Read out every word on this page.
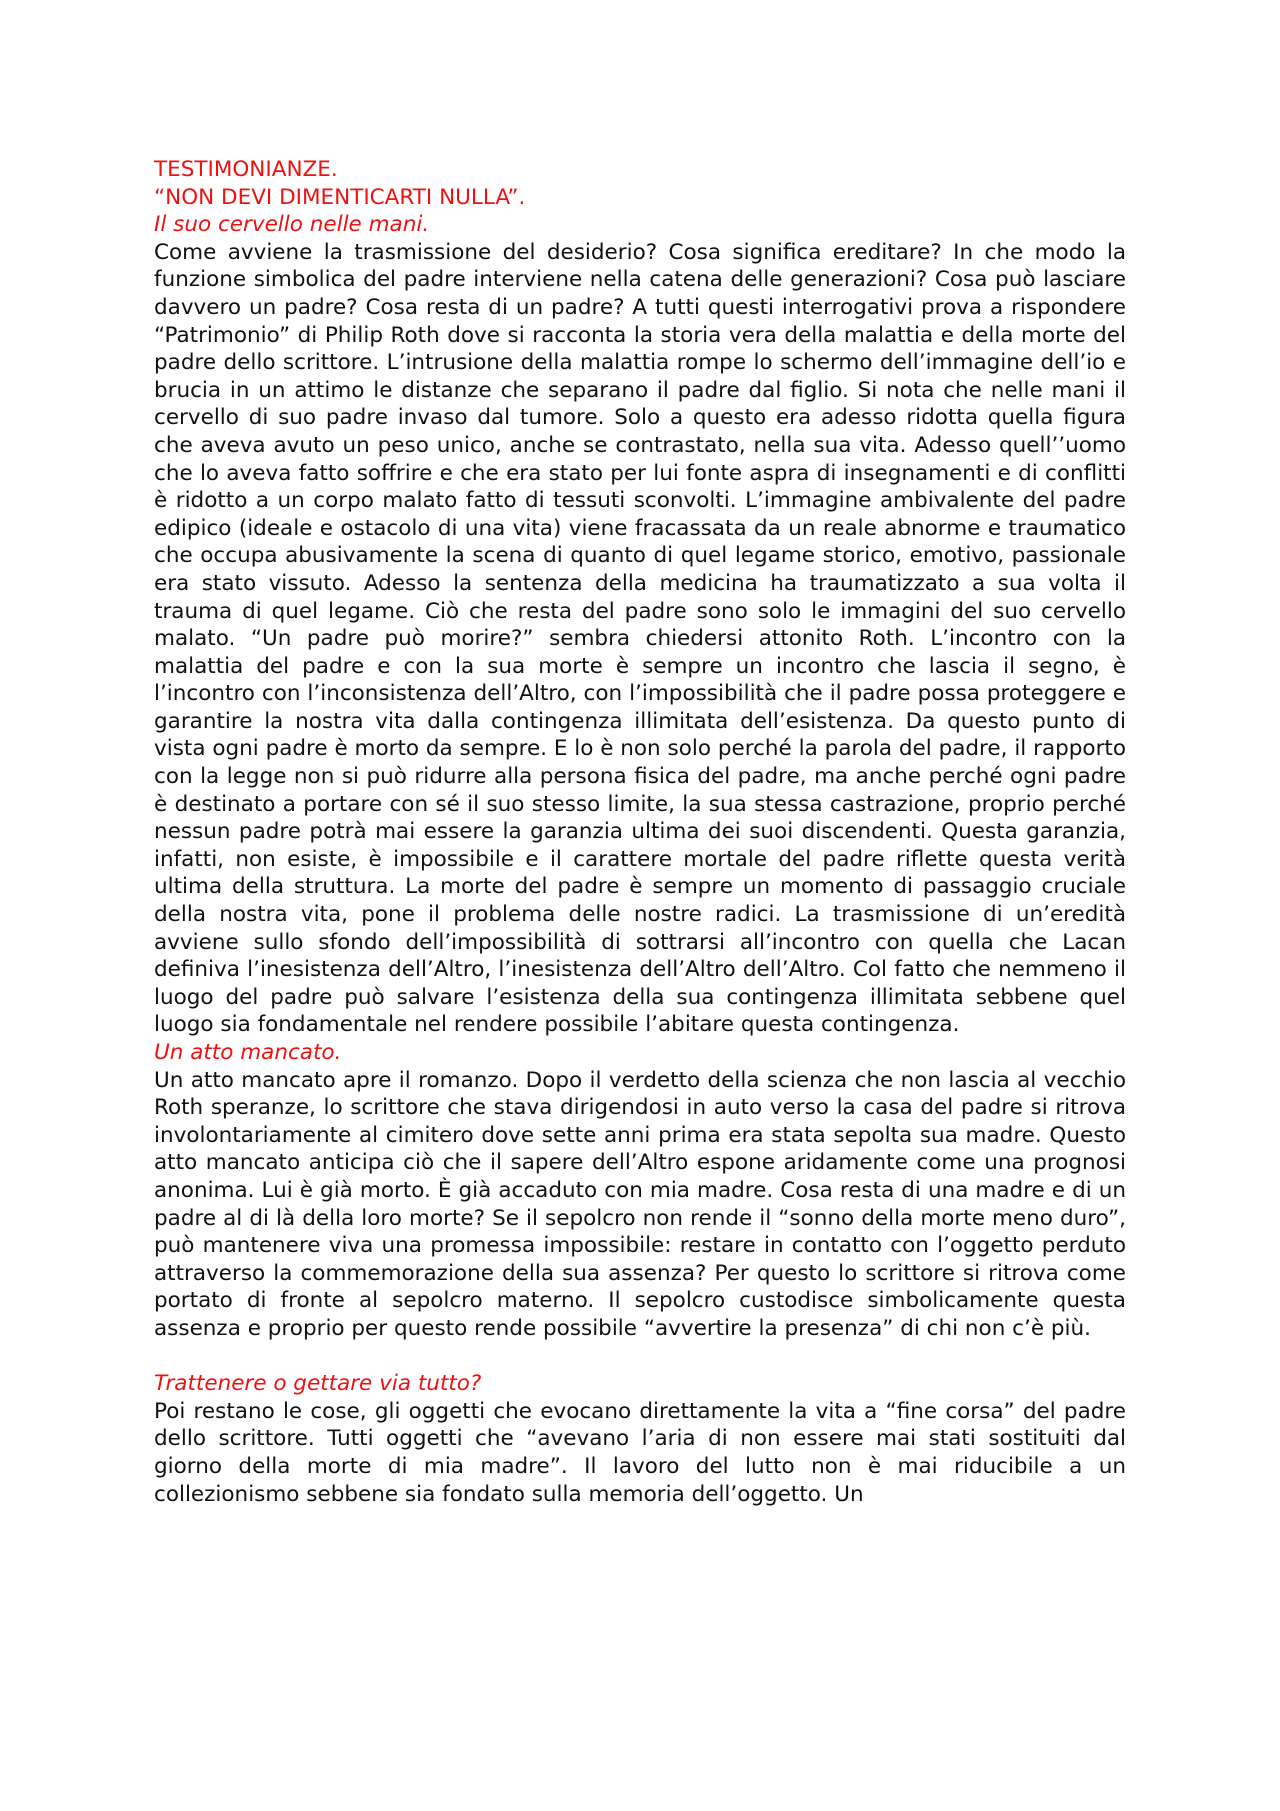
TESTIMONIANZE.

“NON DEVI DIMENTICARTI NULLA”.

Il suo cervello nelle mani.

Come avviene la trasmissione del desiderio? Cosa significa ereditare? In che modo la funzione simbolica del padre interviene nella catena delle generazioni? Cosa può lasciare davvero un padre? Cosa resta di un padre? A tutti questi interrogativi prova a rispondere “Patrimonio” di Philip Roth dove si racconta la storia vera della malattia e della morte del padre dello scrittore. L’intrusione della malattia rompe lo schermo dell’immagine dell’io e brucia in un attimo le distanze che separano il padre dal figlio. Si nota che nelle mani il cervello di suo padre invaso dal tumore. Solo a questo era adesso ridotta quella figura che aveva avuto un peso unico, anche se contrastato, nella sua vita. Adesso quell’’uomo che lo aveva fatto soffrire e che era stato per lui fonte aspra di insegnamenti e di conflitti è ridotto a un corpo malato fatto di tessuti sconvolti. L’immagine ambivalente del padre edipico (ideale e ostacolo di una vita) viene fracassata da un reale abnorme e traumatico che occupa abusivamente la scena di quanto di quel legame storico, emotivo, passionale era stato vissuto. Adesso la sentenza della medicina ha traumatizzato a sua volta il trauma di quel legame. Ciò che resta del padre sono solo le immagini del suo cervello malato. “Un padre può morire?” sembra chiedersi attonito Roth. L’incontro con la malattia del padre e con la sua morte è sempre un incontro che lascia il segno, è l’incontro con l’inconsistenza dell’Altro, con l’impossibilità che il padre possa proteggere e garantire la nostra vita dalla contingenza illimitata dell’esistenza. Da questo punto di vista ogni padre è morto da sempre. E lo è non solo perché la parola del padre, il rapporto con la legge non si può ridurre alla persona fisica del padre, ma anche perché ogni padre è destinato a portare con sé il suo stesso limite, la sua stessa castrazione, proprio perché nessun padre potrà mai essere la garanzia ultima dei suoi discendenti. Questa garanzia, infatti, non esiste, è impossibile e il carattere mortale del padre riflette questa verità ultima della struttura. La morte del padre è sempre un momento di passaggio cruciale della nostra vita, pone il problema delle nostre radici. La trasmissione di un’eredità avviene sullo sfondo dell’impossibilità di sottrarsi all’incontro con quella che Lacan definiva l’inesistenza dell’Altro, l’inesistenza dell’Altro dell’Altro. Col fatto che nemmeno il luogo del padre può salvare l’esistenza della sua contingenza illimitata sebbene quel luogo sia fondamentale nel rendere possibile l’abitare questa contingenza.

Un atto mancato.

Un atto mancato apre il romanzo. Dopo il verdetto della scienza che non lascia al vecchio Roth speranze, lo scrittore che stava dirigendosi in auto verso la casa del padre si ritrova involontariamente al cimitero dove sette anni prima era stata sepolta sua madre. Questo atto mancato anticipa ciò che il sapere dell’Altro espone aridamente come una prognosi anonima. Lui è già morto. È già accaduto con mia madre. Cosa resta di una madre e di un padre al di là della loro morte? Se il sepolcro non rende il “sonno della morte meno duro”, può mantenere viva una promessa impossibile: restare in contatto con l’oggetto perduto attraverso la commemorazione della sua assenza? Per questo lo scrittore si ritrova come portato di fronte al sepolcro materno. Il sepolcro custodisce simbolicamente questa assenza e proprio per questo rende possibile “avvertire la presenza” di chi non c’è più.

Trattenere o gettare via tutto?

Poi restano le cose, gli oggetti che evocano direttamente la vita a “fine corsa” del padre dello scrittore. Tutti oggetti che “avevano l’aria di non essere mai stati sostituiti dal giorno della morte di mia madre”. Il lavoro del lutto non è mai riducibile a un collezionismo sebbene sia fondato sulla memoria dell’oggetto. Un
